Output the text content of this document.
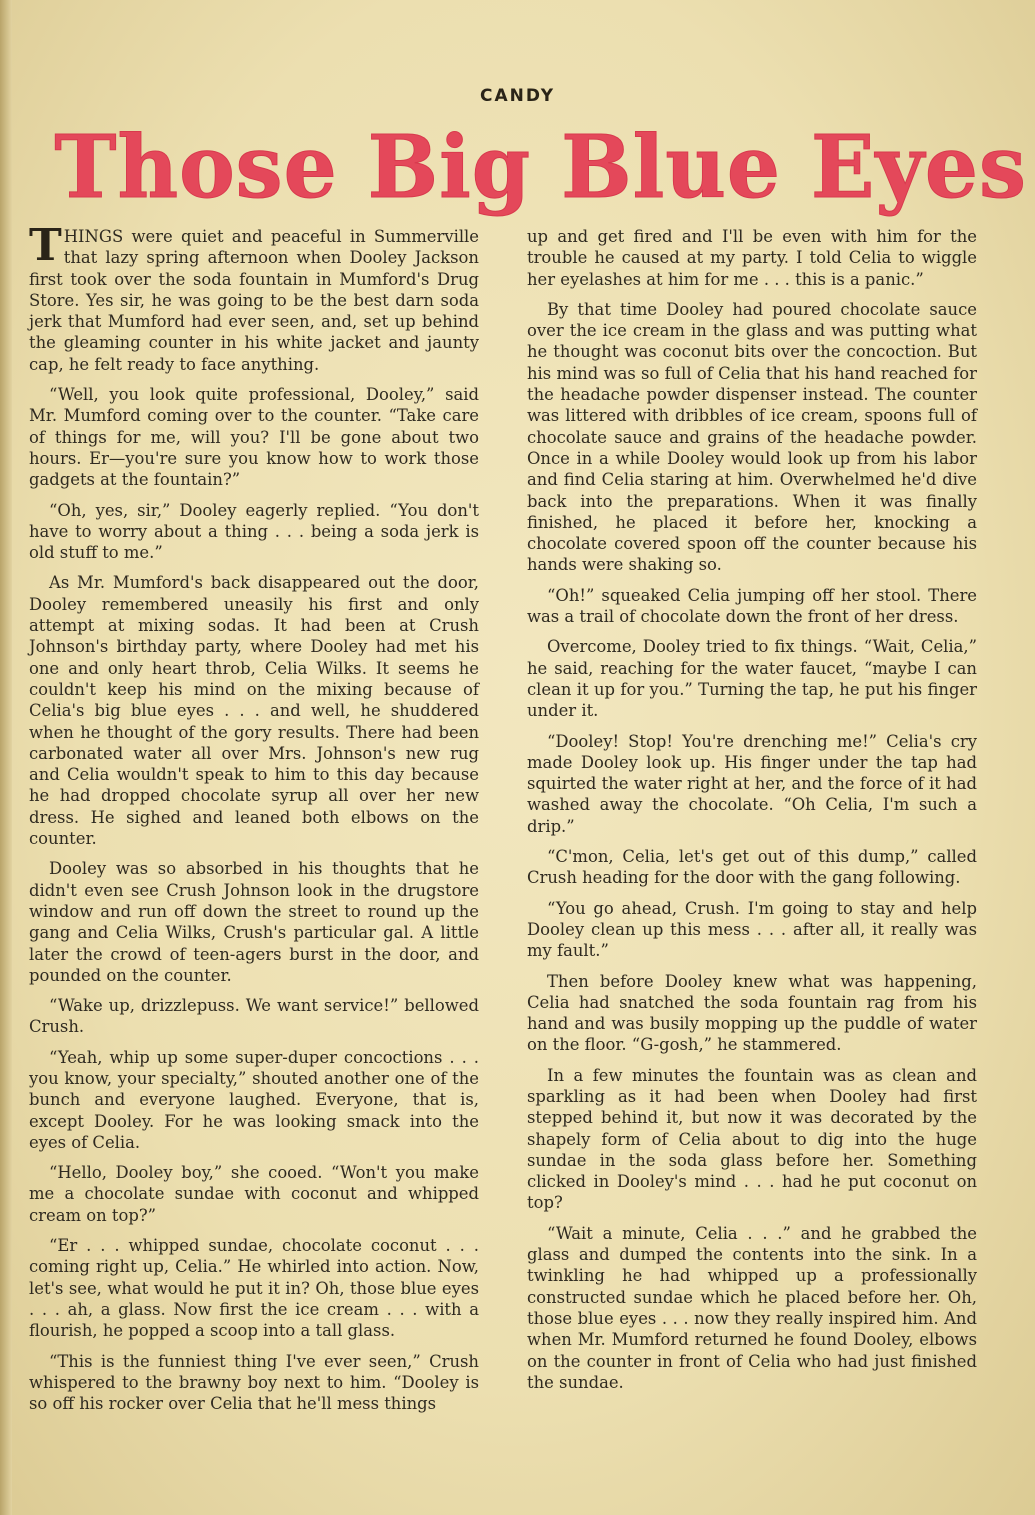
CANDY
Those Big Blue Eyes

THINGS were quiet and peaceful in Summerville that lazy spring afternoon when Dooley Jackson first took over the soda fountain in Mumford's Drug Store. Yes sir, he was going to be the best darn soda jerk that Mumford had ever seen, and, set up behind the gleaming counter in his white jacket and jaunty cap, he felt ready to face anything.

“Well, you look quite professional, Dooley,” said Mr. Mumford coming over to the counter. “Take care of things for me, will you? I'll be gone about two hours. Er—you're sure you know how to work those gadgets at the fountain?”

“Oh, yes, sir,” Dooley eagerly replied. “You don't have to worry about a thing . . . being a soda jerk is old stuff to me.”

As Mr. Mumford's back disappeared out the door, Dooley remembered uneasily his first and only attempt at mixing sodas. It had been at Crush Johnson's birthday party, where Dooley had met his one and only heart throb, Celia Wilks. It seems he couldn't keep his mind on the mixing because of Celia's big blue eyes . . . and well, he shuddered when he thought of the gory results. There had been carbonated water all over Mrs. Johnson's new rug and Celia wouldn't speak to him to this day because he had dropped chocolate syrup all over her new dress. He sighed and leaned both elbows on the counter.

Dooley was so absorbed in his thoughts that he didn't even see Crush Johnson look in the drugstore window and run off down the street to round up the gang and Celia Wilks, Crush's particular gal. A little later the crowd of teen-agers burst in the door, and pounded on the counter.

“Wake up, drizzlepuss. We want service!” bellowed Crush.

“Yeah, whip up some super-duper concoctions . . . you know, your specialty,” shouted another one of the bunch and everyone laughed. Everyone, that is, except Dooley. For he was looking smack into the eyes of Celia.

“Hello, Dooley boy,” she cooed. “Won't you make me a chocolate sundae with coconut and whipped cream on top?”

“Er . . . whipped sundae, chocolate coconut . . . coming right up, Celia.” He whirled into action. Now, let's see, what would he put it in? Oh, those blue eyes . . . ah, a glass. Now first the ice cream . . . with a flourish, he popped a scoop into a tall glass.

“This is the funniest thing I've ever seen,” Crush whispered to the brawny boy next to him. “Dooley is so off his rocker over Celia that he'll mess things

up and get fired and I'll be even with him for the trouble he caused at my party. I told Celia to wiggle her eyelashes at him for me . . . this is a panic.”

By that time Dooley had poured chocolate sauce over the ice cream in the glass and was putting what he thought was coconut bits over the concoction. But his mind was so full of Celia that his hand reached for the headache powder dispenser instead. The counter was littered with dribbles of ice cream, spoons full of chocolate sauce and grains of the headache powder. Once in a while Dooley would look up from his labor and find Celia staring at him. Overwhelmed he'd dive back into the preparations. When it was finally finished, he placed it before her, knocking a chocolate covered spoon off the counter because his hands were shaking so.

“Oh!” squeaked Celia jumping off her stool. There was a trail of chocolate down the front of her dress.

Overcome, Dooley tried to fix things. “Wait, Celia,” he said, reaching for the water faucet, “maybe I can clean it up for you.” Turning the tap, he put his finger under it.

“Dooley! Stop! You're drenching me!” Celia's cry made Dooley look up. His finger under the tap had squirted the water right at her, and the force of it had washed away the chocolate. “Oh Celia, I'm such a drip.”

“C'mon, Celia, let's get out of this dump,” called Crush heading for the door with the gang following.

“You go ahead, Crush. I'm going to stay and help Dooley clean up this mess . . . after all, it really was my fault.”

Then before Dooley knew what was happening, Celia had snatched the soda fountain rag from his hand and was busily mopping up the puddle of water on the floor. “G-gosh,” he stammered.

In a few minutes the fountain was as clean and sparkling as it had been when Dooley had first stepped behind it, but now it was decorated by the shapely form of Celia about to dig into the huge sundae in the soda glass before her. Something clicked in Dooley's mind . . . had he put coconut on top?

“Wait a minute, Celia . . .” and he grabbed the glass and dumped the contents into the sink. In a twinkling he had whipped up a professionally constructed sundae which he placed before her. Oh, those blue eyes . . . now they really inspired him. And when Mr. Mumford returned he found Dooley, elbows on the counter in front of Celia who had just finished the sundae.
